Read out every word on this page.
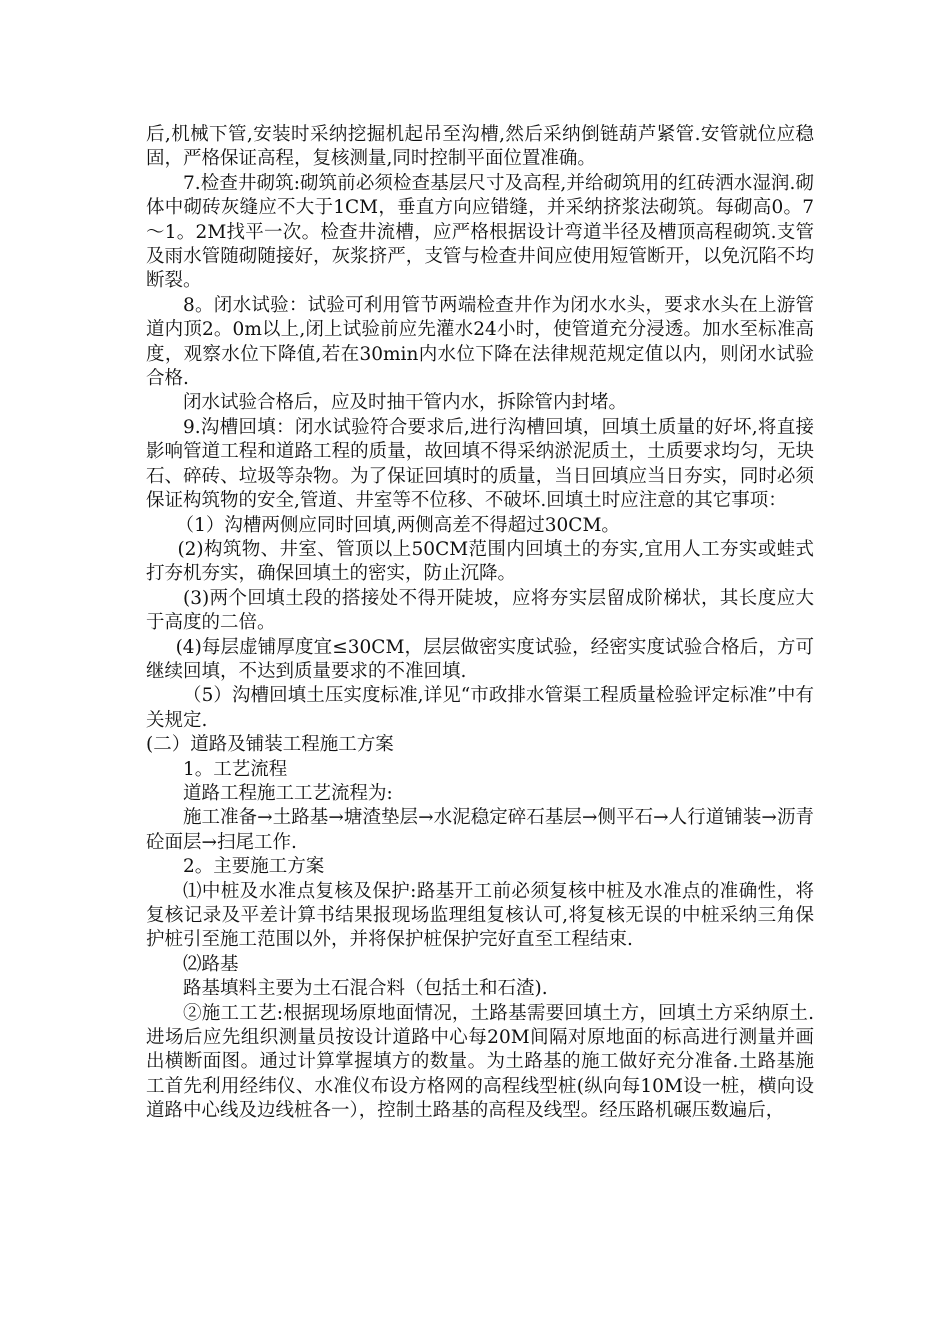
后,机械下管,安装时采纳挖掘机起吊至沟槽,然后采纳倒链葫芦紧管.安管就位应稳固，严格保证高程，复核测量,同时控制平面位置准确。

7.检查井砌筑:砌筑前必须检查基层尺寸及高程,并给砌筑用的红砖洒水湿润.砌体中砌砖灰缝应不大于1CM，垂直方向应错缝，并采纳挤浆法砌筑。每砌高0。7～1。2M找平一次。检查井流槽，应严格根据设计弯道半径及槽顶高程砌筑.支管及雨水管随砌随接好，灰浆挤严，支管与检查井间应使用短管断开，以免沉陷不均断裂。

8。闭水试验：试验可利用管节两端检查井作为闭水水头，要求水头在上游管道内顶2。0m以上,闭上试验前应先灌水24小时，使管道充分浸透。加水至标准高度，观察水位下降值,若在30min内水位下降在法律规范规定值以内，则闭水试验合格.

闭水试验合格后，应及时抽干管内水，拆除管内封堵。

9.沟槽回填：闭水试验符合要求后,进行沟槽回填，回填土质量的好坏,将直接影响管道工程和道路工程的质量，故回填不得采纳淤泥质土，土质要求均匀，无块石、碎砖、垃圾等杂物。为了保证回填时的质量，当日回填应当日夯实，同时必须保证构筑物的安全,管道、井室等不位移、不破坏.回填土时应注意的其它事项：

（1）沟槽两侧应同时回填,两侧高差不得超过30CM。

(2)构筑物、井室、管顶以上50CM范围内回填土的夯实,宜用人工夯实或蛙式打夯机夯实，确保回填土的密实，防止沉降。

(3)两个回填土段的搭接处不得开陡坡，应将夯实层留成阶梯状，其长度应大于高度的二倍。

(4)每层虚铺厚度宜≤30CM，层层做密实度试验，经密实度试验合格后，方可继续回填，不达到质量要求的不准回填.

（5）沟槽回填土压实度标准,详见“市政排水管渠工程质量检验评定标准”中有关规定.

(二）道路及铺装工程施工方案

1。工艺流程

道路工程施工工艺流程为:

施工准备→土路基→塘渣垫层→水泥稳定碎石基层→侧平石→人行道铺装→沥青砼面层→扫尾工作.

2。主要施工方案

⑴中桩及水准点复核及保护:路基开工前必须复核中桩及水准点的准确性，将复核记录及平差计算书结果报现场监理组复核认可,将复核无误的中桩采纳三角保护桩引至施工范围以外，并将保护桩保护完好直至工程结束.

⑵路基

路基填料主要为土石混合料（包括土和石渣).

②施工工艺:根据现场原地面情况，土路基需要回填土方，回填土方采纳原土.进场后应先组织测量员按设计道路中心每20M间隔对原地面的标高进行测量并画出横断面图。通过计算掌握填方的数量。为土路基的施工做好充分准备.土路基施工首先利用经纬仪、水准仪布设方格网的高程线型桩(纵向每10M设一桩，横向设道路中心线及边线桩各一），控制土路基的高程及线型。经压路机碾压数遍后，
